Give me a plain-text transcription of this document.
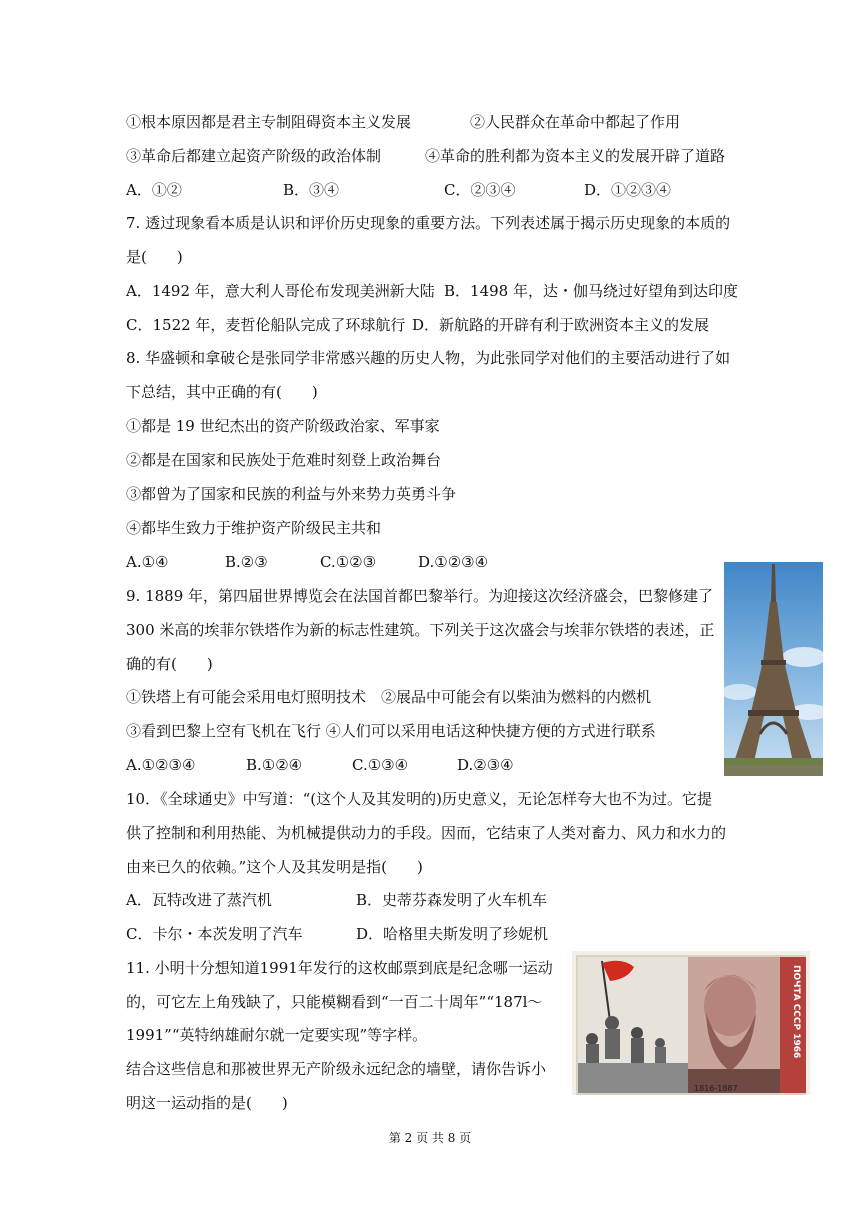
①根本原因都是君主专制阻碍资本主义发展	②人民群众在革命中都起了作用
③革命后都建立起资产阶级的政治体制	④革命的胜利都为资本主义的发展开辟了道路
A．①②	B．③④	C．②③④	D．①②③④
7. 透过现象看本质是认识和评价历史现象的重要方法。下列表述属于揭示历史现象的本质的
是(　　)
A．1492 年，意大利人哥伦布发现美洲新大陆 B．1498 年，达・伽马绕过好望角到达印度
C．1522 年，麦哲伦船队完成了环球航行 D．新航路的开辟有利于欧洲资本主义的发展
8. 华盛顿和拿破仑是张同学非常感兴趣的历史人物，为此张同学对他们的主要活动进行了如
下总结，其中正确的有(　　)
①都是 19 世纪杰出的资产阶级政治家、军事家
②都是在国家和民族处于危难时刻登上政治舞台
③都曾为了国家和民族的利益与外来势力英勇斗争
④都毕生致力于维护资产阶级民主共和
A.①④	B.②③	C.①②③	D.①②③④
9. 1889 年，第四届世界博览会在法国首都巴黎举行。为迎接这次经济盛会，巴黎修建了
300 米高的埃菲尔铁塔作为新的标志性建筑。下列关于这次盛会与埃菲尔铁塔的表述，正
确的有(　　)
①铁塔上有可能会采用电灯照明技术　②展品中可能会有以柴油为燃料的内燃机
③看到巴黎上空有飞机在飞行 ④人们可以采用电话这种快捷方便的方式进行联系
A.①②③④	B.①②④	C.①③④	D.②③④
10．《全球通史》中写道：“(这个人及其发明的)历史意义，无论怎样夸大也不为过。它提
供了控制和利用热能、为机械提供动力的手段。因而，它结束了人类对畜力、风力和水力的
由来已久的依赖。”这个人及其发明是指(　　)
A．瓦特改进了蒸汽机	B．史蒂芬森发明了火车机车
C．卡尔・本茨发明了汽车	D．哈格里夫斯发明了珍妮机
11. 小明十分想知道1991年发行的这枚邮票到底是纪念哪一运动
的，可它左上角残缺了，只能模糊看到“一百二十周年”“187l～
1991”“英特纳雄耐尔就一定要实现”等字样。
结合这些信息和那被世界无产阶级永远纪念的墙壁，请你告诉小
明这一运动指的是(　　)
ПОЧТА СССР 1966
1816-1887
第 2 页 共 8 页
